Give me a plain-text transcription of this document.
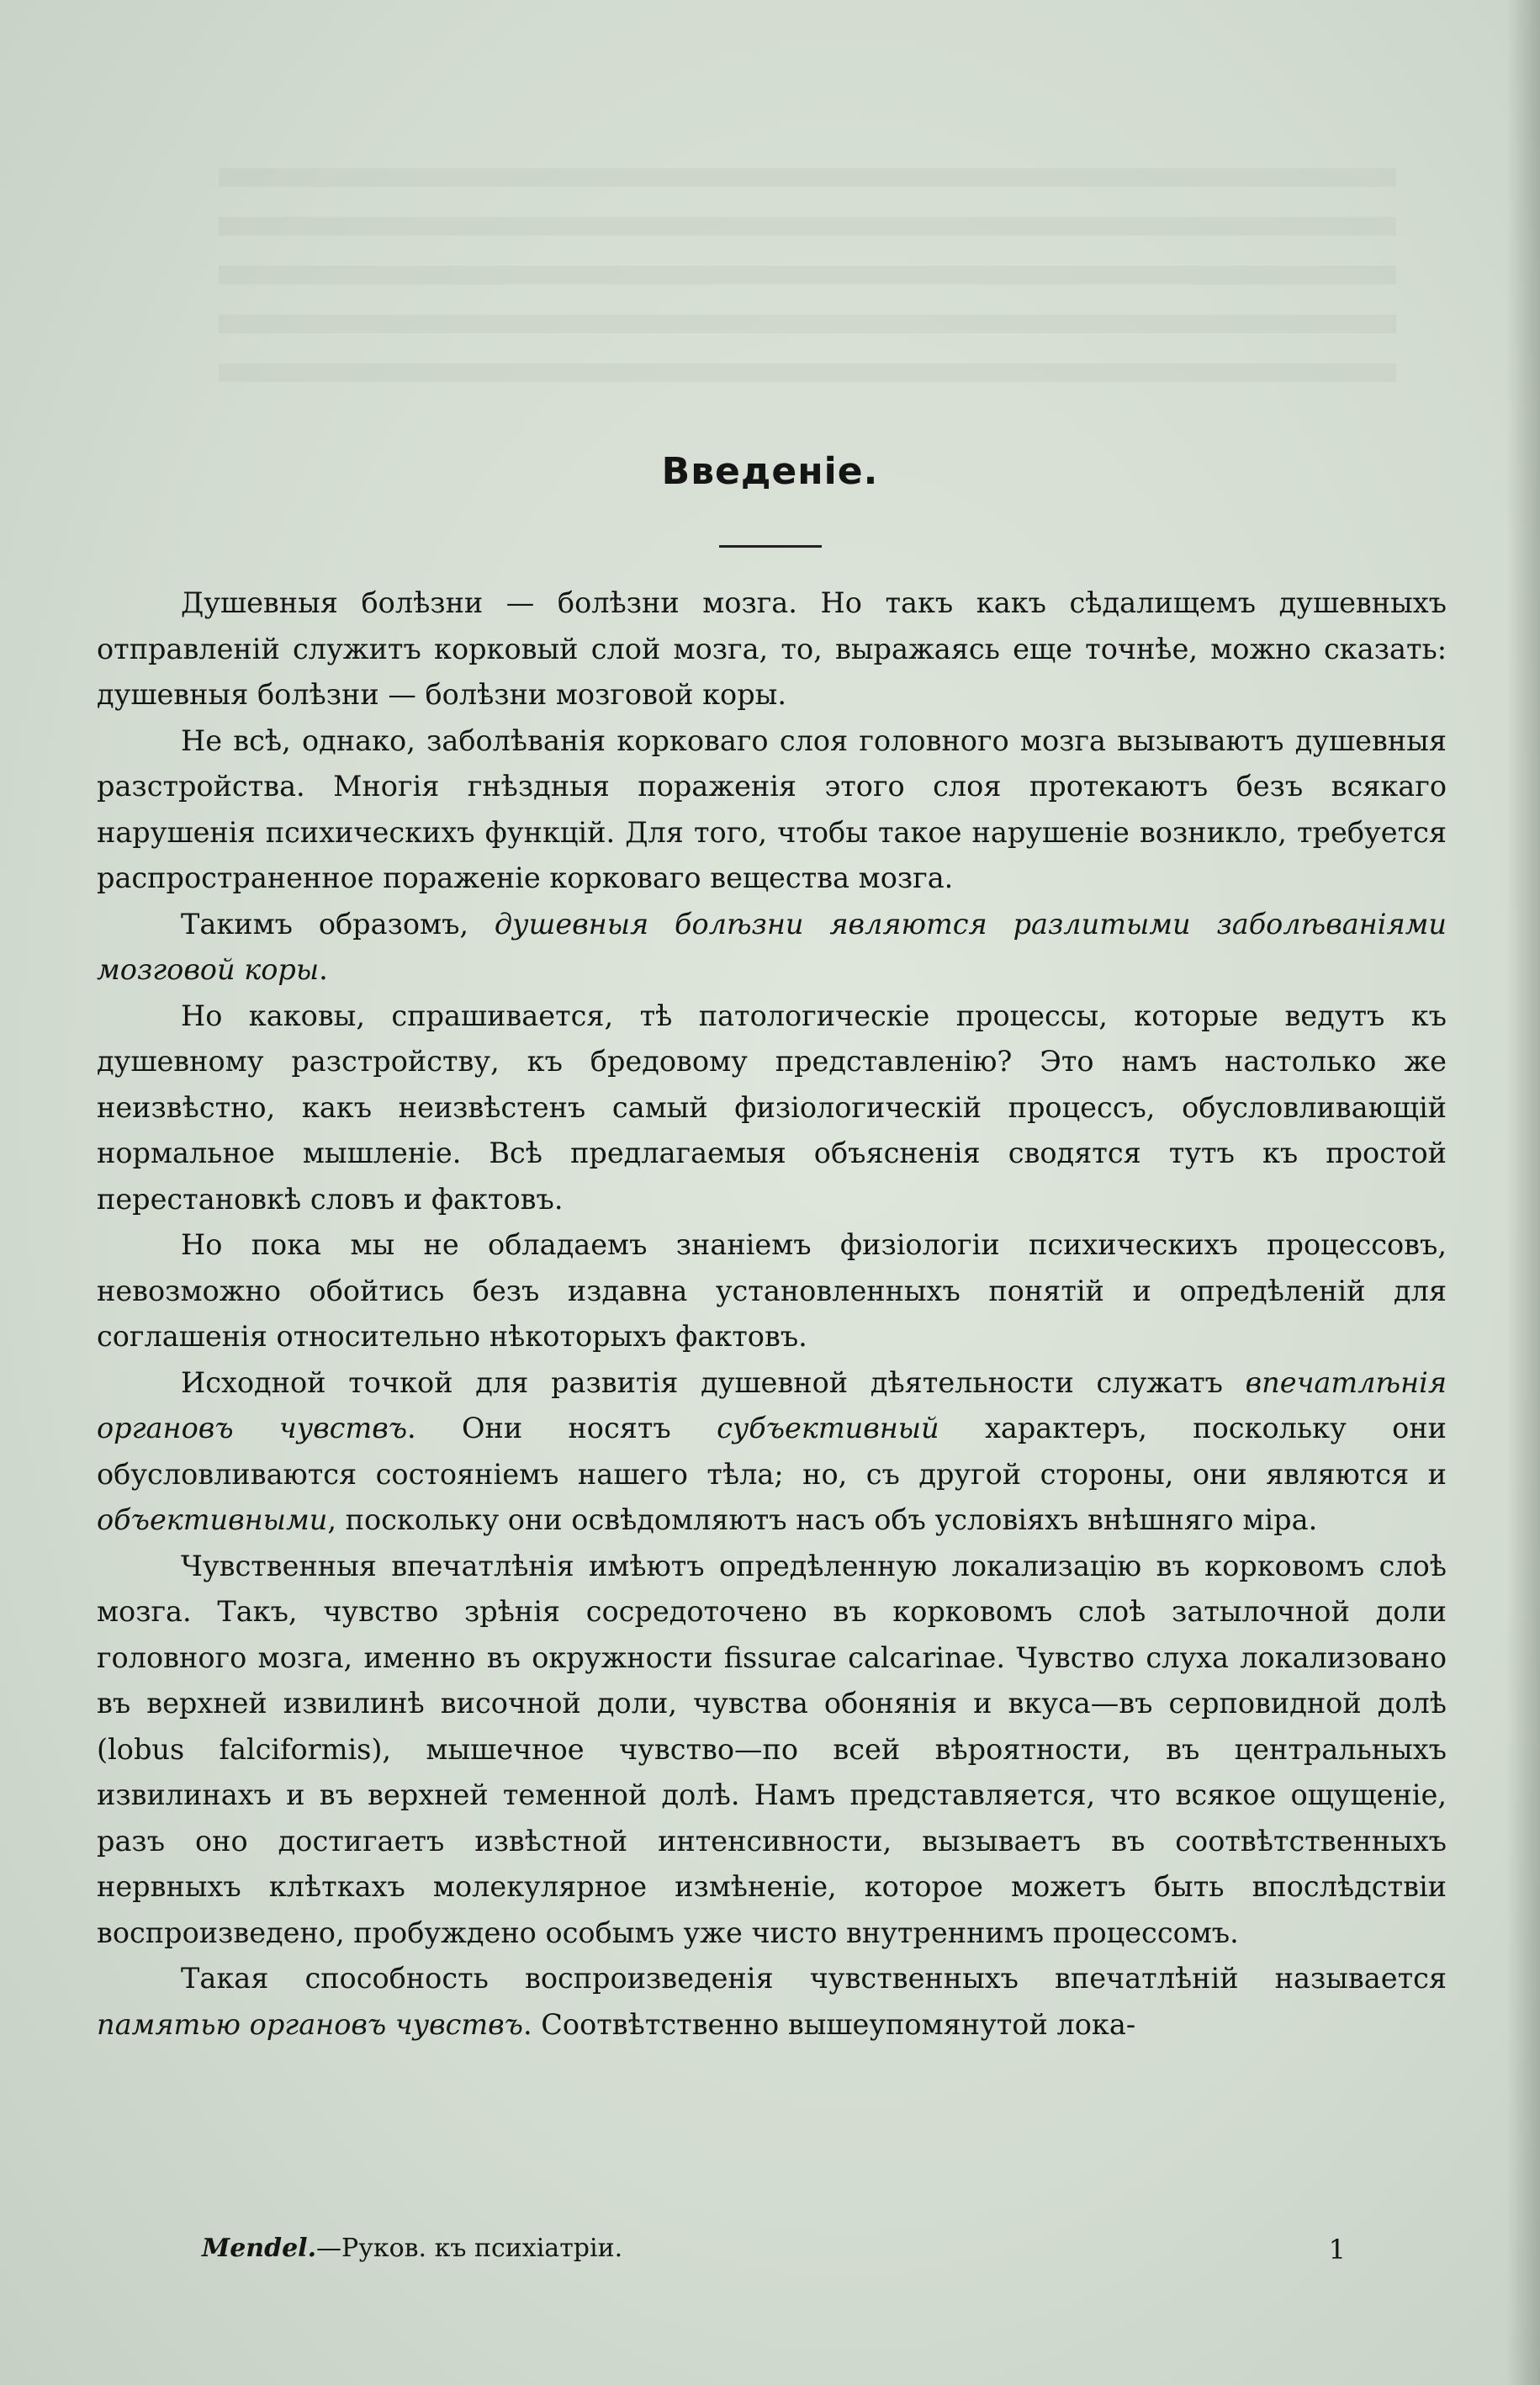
Введеніе.

Душевныя болѣзни — болѣзни мозга. Но такъ какъ сѣдалищемъ душевныхъ отправленій служитъ корковый слой мозга, то, выражаясь еще точнѣе, можно сказать: душевныя болѣзни — болѣзни мозговой коры.

Не всѣ, однако, заболѣванія корковаго слоя головного мозга вызываютъ душевныя разстройства. Многія гнѣздныя пораженія этого слоя протекаютъ безъ всякаго нарушенія психическихъ функцій. Для того, чтобы такое нарушеніе возникло, требуется распространенное пораженіе корковаго вещества мозга.

Такимъ образомъ, душевныя болѣзни являются разлитыми заболѣваніями мозговой коры.

Но каковы, спрашивается, тѣ патологическіе процессы, которые ведутъ къ душевному разстройству, къ бредовому представленію? Это намъ настолько же неизвѣстно, какъ неизвѣстенъ самый физіологическій процессъ, обусловливающій нормальное мышленіе. Всѣ предлагаемыя объясненія сводятся тутъ къ простой перестановкѣ словъ и фактовъ.

Но пока мы не обладаемъ знаніемъ физіологіи психическихъ процессовъ, невозможно обойтись безъ издавна установленныхъ понятій и опредѣленій для соглашенія относительно нѣкоторыхъ фактовъ.

Исходной точкой для развитія душевной дѣятельности служатъ впечатлѣнія органовъ чувствъ. Они носятъ субъективный характеръ, поскольку они обусловливаются состояніемъ нашего тѣла; но, съ другой стороны, они являются и объективными, поскольку они освѣдомляютъ насъ объ условіяхъ внѣшняго міра.

Чувственныя впечатлѣнія имѣютъ опредѣленную локализацію въ корковомъ слоѣ мозга. Такъ, чувство зрѣнія сосредоточено въ корковомъ слоѣ затылочной доли головного мозга, именно въ окружности fissurae calcarinae. Чувство слуха локализовано въ верхней извилинѣ височной доли, чувства обонянія и вкуса—въ серповидной долѣ (lobus falciformis), мышечное чувство—по всей вѣроятности, въ центральныхъ извилинахъ и въ верхней теменной долѣ. Намъ представляется, что всякое ощущеніе, разъ оно достигаетъ извѣстной интенсивности, вызываетъ въ соотвѣтственныхъ нервныхъ клѣткахъ молекулярное измѣненіе, которое можетъ быть впослѣдствіи воспроизведено, пробуждено особымъ уже чисто внутреннимъ процессомъ.

Такая способность воспроизведенія чувственныхъ впечатлѣній называется памятью органовъ чувствъ. Соотвѣтственно вышеупомянутой лока-

Mendel.—Руков. къ психіатріи.	1
